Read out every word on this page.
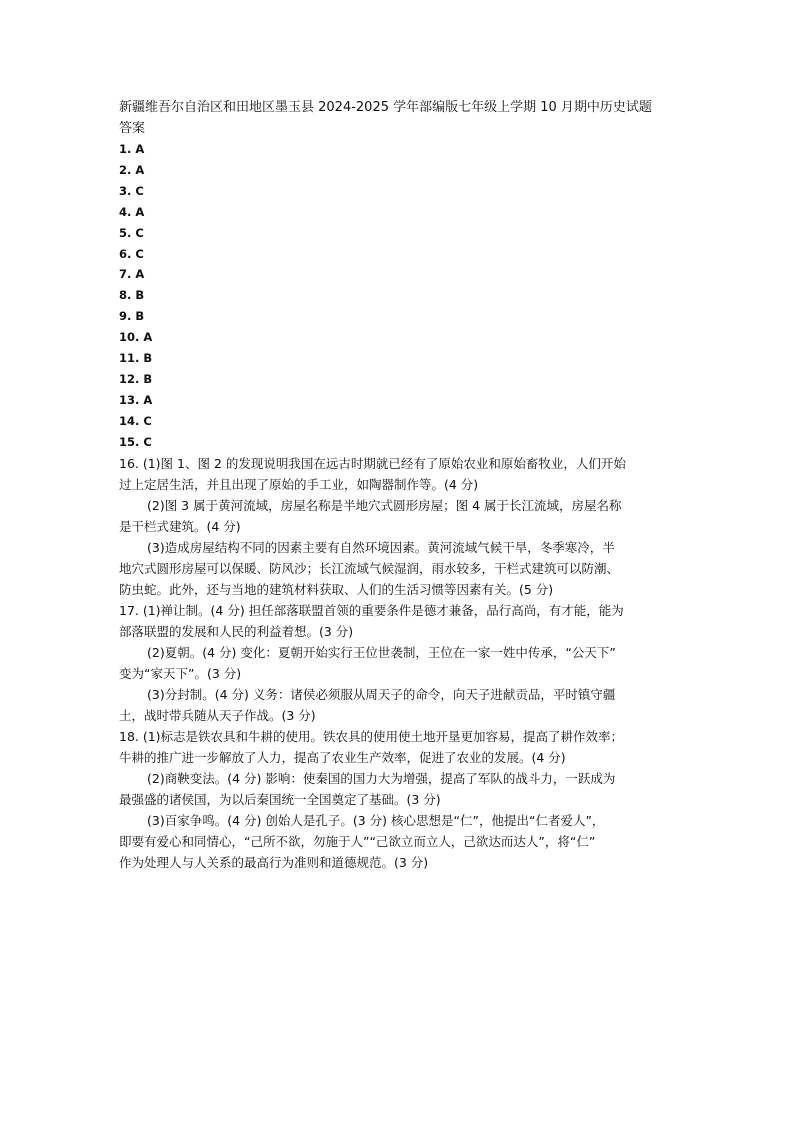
新疆维吾尔自治区和田地区墨玉县 2024-2025 学年部编版七年级上学期 10 月期中历史试题
答案
1. A
2. A
3. C
4. A
5. C
6. C
7. A
8. B
9. B
10. A
11. B
12. B
13. A
14. C
15. C
16. (1)图 1、图 2 的发现说明我国在远古时期就已经有了原始农业和原始畜牧业，人们开始
过上定居生活，并且出现了原始的手工业，如陶器制作等。(4 分)
(2)图 3 属于黄河流域，房屋名称是半地穴式圆形房屋；图 4 属于长江流域，房屋名称
是干栏式建筑。(4 分)
(3)造成房屋结构不同的因素主要有自然环境因素。黄河流域气候干旱，冬季寒冷，半
地穴式圆形房屋可以保暖、防风沙；长江流域气候湿润，雨水较多，干栏式建筑可以防潮、
防虫蛇。此外，还与当地的建筑材料获取、人们的生活习惯等因素有关。(5 分)
17. (1)禅让制。(4 分) 担任部落联盟首领的重要条件是德才兼备，品行高尚，有才能，能为
部落联盟的发展和人民的利益着想。(3 分)
(2)夏朝。(4 分) 变化：夏朝开始实行王位世袭制，王位在一家一姓中传承，“公天下”
变为“家天下”。(3 分)
(3)分封制。(4 分) 义务：诸侯必须服从周天子的命令，向天子进献贡品，平时镇守疆
土，战时带兵随从天子作战。(3 分)
18. (1)标志是铁农具和牛耕的使用。铁农具的使用使土地开垦更加容易，提高了耕作效率；
牛耕的推广进一步解放了人力，提高了农业生产效率，促进了农业的发展。(4 分)
(2)商鞅变法。(4 分) 影响：使秦国的国力大为增强，提高了军队的战斗力，一跃成为
最强盛的诸侯国，为以后秦国统一全国奠定了基础。(3 分)
(3)百家争鸣。(4 分) 创始人是孔子。(3 分) 核心思想是“仁”，他提出“仁者爱人”，
即要有爱心和同情心，“己所不欲，勿施于人”“己欲立而立人，己欲达而达人”，将“仁”
作为处理人与人关系的最高行为准则和道德规范。(3 分)
